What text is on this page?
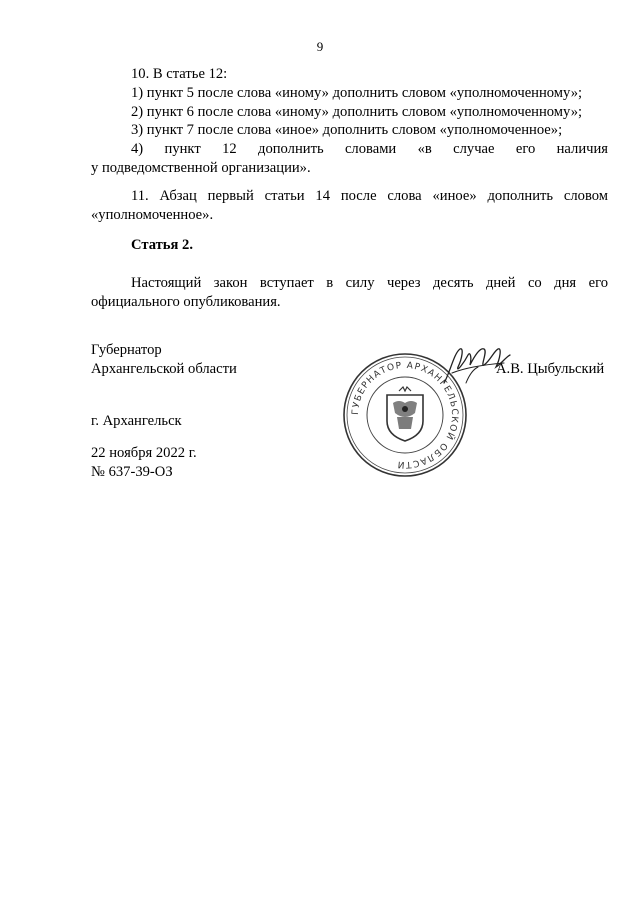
9
10. В статье 12:
1) пункт 5 после слова «иному» дополнить словом «уполномоченному»;
2) пункт 6 после слова «иному» дополнить словом «уполномоченному»;
3) пункт 7 после слова «иное» дополнить словом «уполномоченное»;
4) пункт 12 дополнить словами «в случае его наличия
у подведомственной организации».
11. Абзац первый статьи 14 после слова «иное» дополнить словом
«уполномоченное».
Статья 2.
Настоящий закон вступает в силу через десять дней со дня его
официального опубликования.
Губернатор
Архангельской области
ГУБЕРНАТОР АРХАНГЕЛЬСКОЙ ОБЛАСТИ
А.В. Цыбульский
г. Архангельск
22 ноября 2022 г.
№ 637-39-ОЗ
